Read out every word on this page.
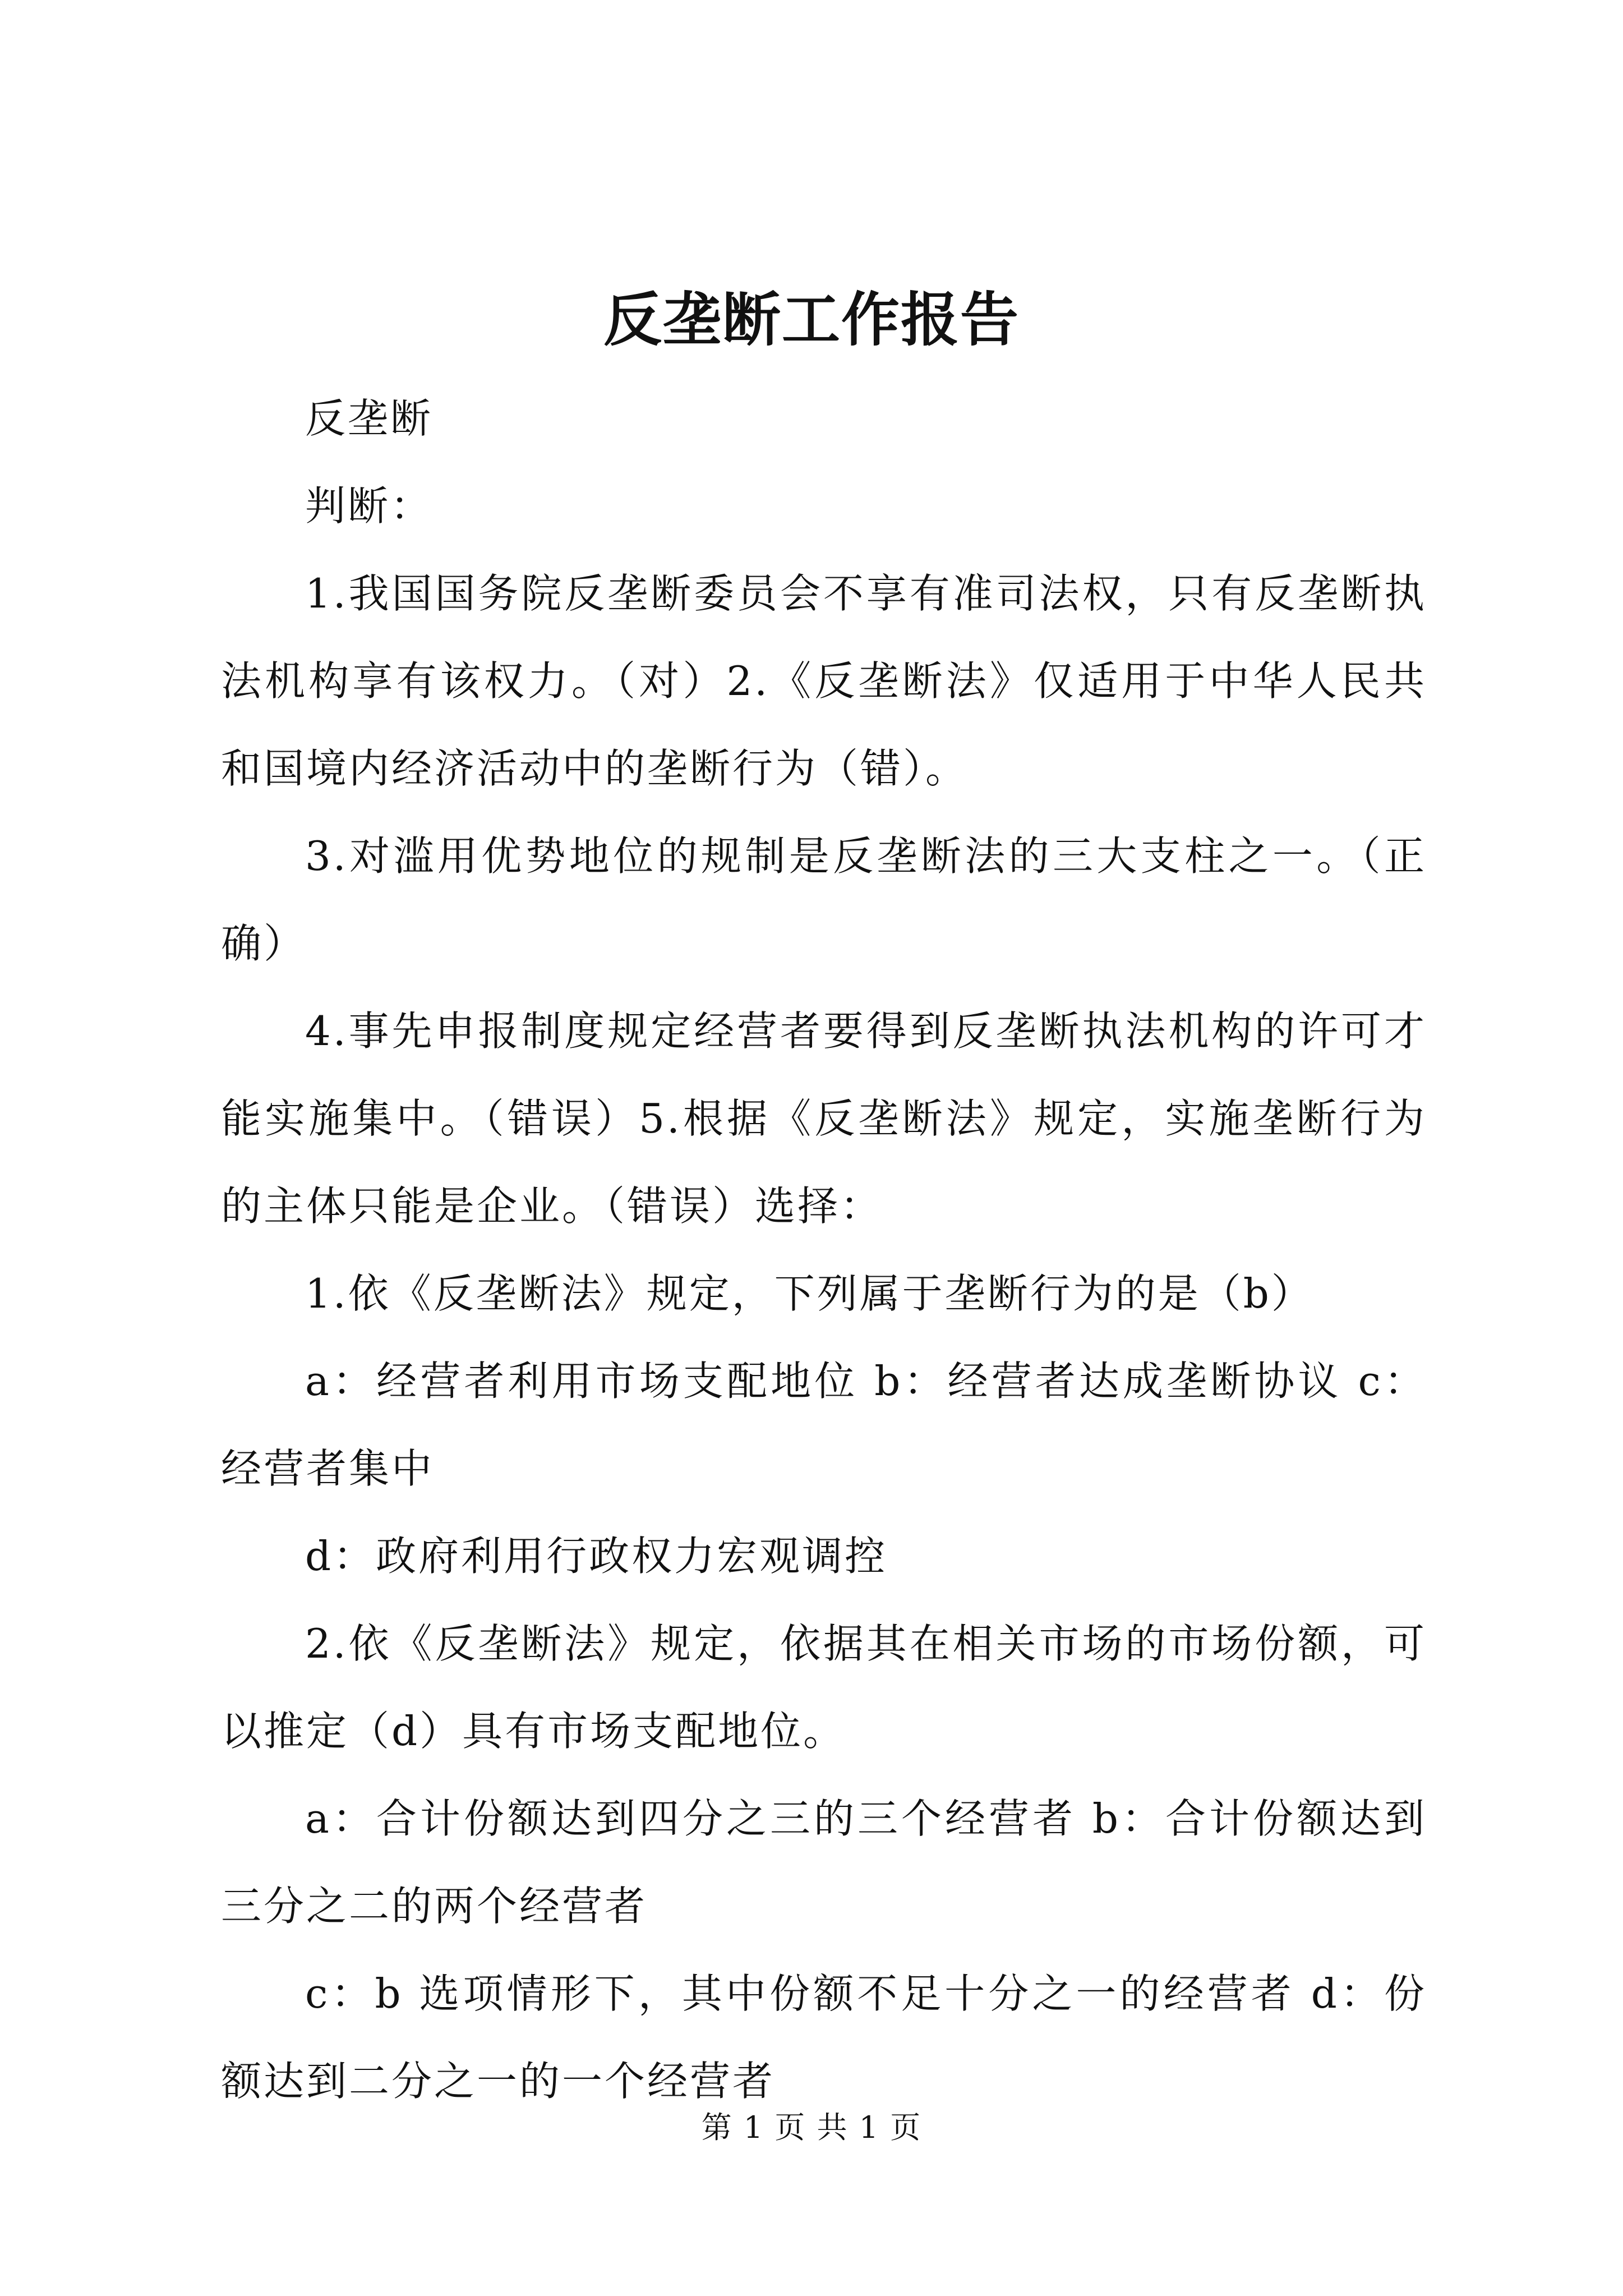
反垄断工作报告

反垄断

判断：

1.我国国务院反垄断委员会不享有准司法权，只有反垄断执法机构享有该权力。（对）2.《反垄断法》仅适用于中华人民共和国境内经济活动中的垄断行为（错）。

3.对滥用优势地位的规制是反垄断法的三大支柱之一。（正确）

4.事先申报制度规定经营者要得到反垄断执法机构的许可才能实施集中。（错误）5.根据《反垄断法》规定，实施垄断行为的主体只能是企业。（错误）选择：

1.依《反垄断法》规定，下列属于垄断行为的是（b）

a：经营者利用市场支配地位 b：经营者达成垄断协议 c：经营者集中

d：政府利用行政权力宏观调控

2.依《反垄断法》规定，依据其在相关市场的市场份额，可以推定（d）具有市场支配地位。

a：合计份额达到四分之三的三个经营者 b：合计份额达到三分之二的两个经营者

c：b 选项情形下，其中份额不足十分之一的经营者 d：份额达到二分之一的一个经营者

第 1 页 共 1 页
